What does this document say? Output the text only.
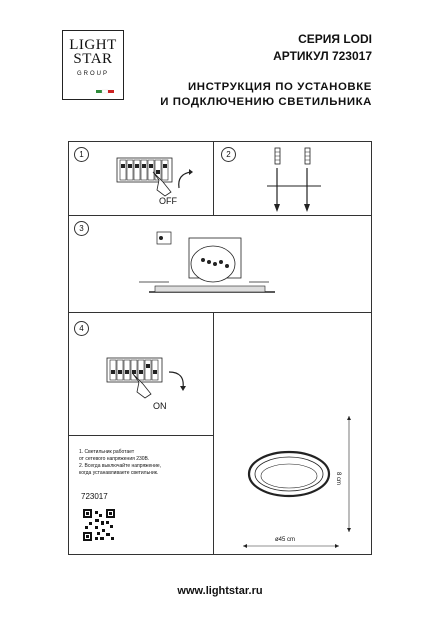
LIGHT
STAR
GROUP
СЕРИЯ LODI
АРТИКУЛ 723017
ИНСТРУКЦИЯ ПО УСТАНОВКЕ
И ПОДКЛЮЧЕНИЮ СВЕТИЛЬНИКА
1	2
3
4
OFF
ON
1. Светильник работает
от сетевого напряжения 230В.
2. Всегда выключайте напряжение,
когда устанавливаете светильник.
723017
8 cm
ø45 cm
www.lightstar.ru
